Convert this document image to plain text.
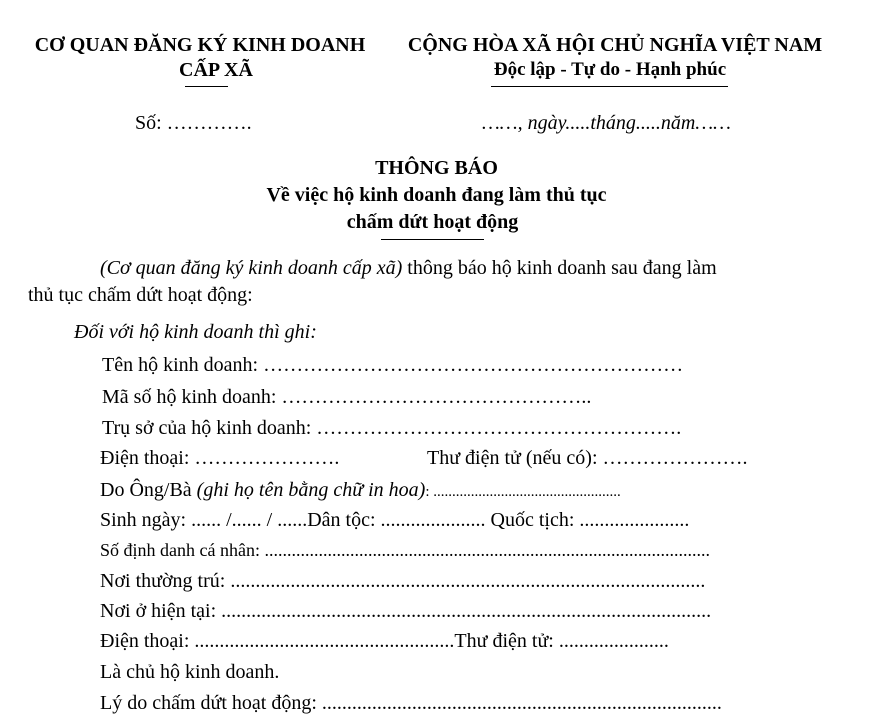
CƠ QUAN ĐĂNG KÝ KINH DOANH
CẤP XÃ
CỘNG HÒA XÃ HỘI CHỦ NGHĨA VIỆT NAM
Độc lập - Tự do - Hạnh phúc
Số: ………….	……, ngày.....tháng.....năm……
THÔNG BÁO
Về việc hộ kinh doanh đang làm thủ tục
chấm dứt hoạt động
(Cơ quan đăng ký kinh doanh cấp xã) thông báo hộ kinh doanh sau đang làm
thủ tục chấm dứt hoạt động:
Đối với hộ kinh doanh thì ghi:
Tên hộ kinh doanh: ………………………………………………………
Mã số hộ kinh doanh: ………………………………………..
Trụ sở của hộ kinh doanh: ……………………………………………….
Điện thoại: ………………….	Thư điện tử (nếu có): ………………….
Do Ông/Bà (ghi họ tên bằng chữ in hoa): ..................................................
Sinh ngày: ...... /...... / ......Dân tộc: ..................... Quốc tịch: ......................
Số định danh cá nhân: ...................................................................................................
Nơi thường trú: ...............................................................................................
Nơi ở hiện tại: ..................................................................................................
Điện thoại: ....................................................Thư điện tử: ......................
Là chủ hộ kinh doanh.
Lý do chấm dứt hoạt động: ................................................................................
